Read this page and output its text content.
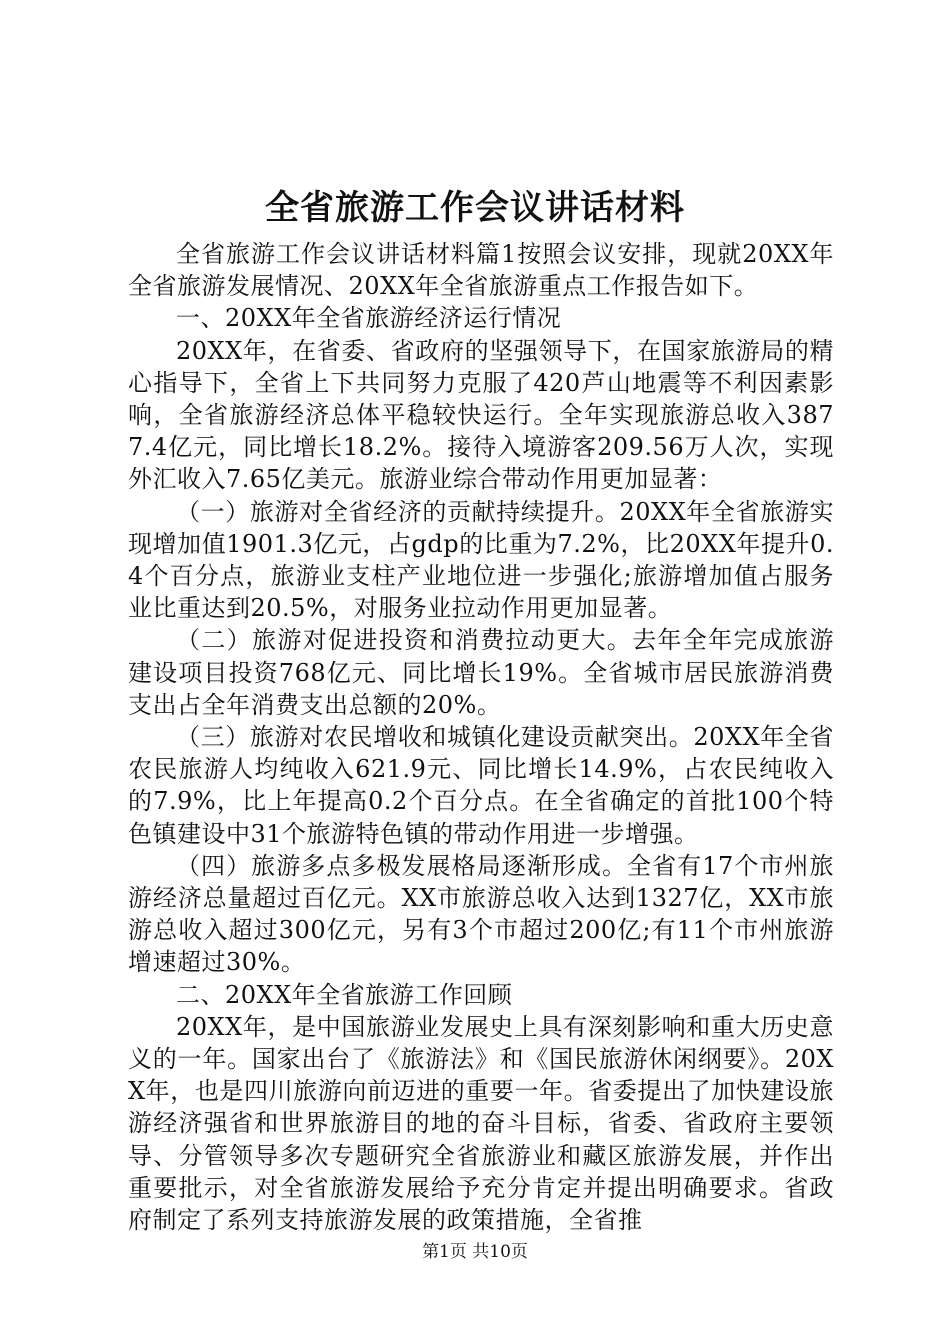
全省旅游工作会议讲话材料

全省旅游工作会议讲话材料篇1按照会议安排，现就20XX年全省旅游发展情况、20XX年全省旅游重点工作报告如下。

一、20XX年全省旅游经济运行情况

20XX年，在省委、省政府的坚强领导下，在国家旅游局的精心指导下，全省上下共同努力克服了420芦山地震等不利因素影响，全省旅游经济总体平稳较快运行。全年实现旅游总收入3877.4亿元，同比增长18.2%。接待入境游客209.56万人次，实现外汇收入7.65亿美元。旅游业综合带动作用更加显著：

（一）旅游对全省经济的贡献持续提升。20XX年全省旅游实现增加值1901.3亿元，占gdp的比重为7.2%，比20XX年提升0.4个百分点，旅游业支柱产业地位进一步强化;旅游增加值占服务业比重达到20.5%，对服务业拉动作用更加显著。

（二）旅游对促进投资和消费拉动更大。去年全年完成旅游建设项目投资768亿元、同比增长19%。全省城市居民旅游消费支出占全年消费支出总额的20%。

（三）旅游对农民增收和城镇化建设贡献突出。20XX年全省农民旅游人均纯收入621.9元、同比增长14.9%，占农民纯收入的7.9%，比上年提高0.2个百分点。在全省确定的首批100个特色镇建设中31个旅游特色镇的带动作用进一步增强。

（四）旅游多点多极发展格局逐渐形成。全省有17个市州旅游经济总量超过百亿元。XX市旅游总收入达到1327亿，XX市旅游总收入超过300亿元，另有3个市超过200亿;有11个市州旅游增速超过30%。

二、20XX年全省旅游工作回顾

20XX年，是中国旅游业发展史上具有深刻影响和重大历史意义的一年。国家出台了《旅游法》和《国民旅游休闲纲要》。20XX年，也是四川旅游向前迈进的重要一年。省委提出了加快建设旅游经济强省和世界旅游目的地的奋斗目标，省委、省政府主要领导、分管领导多次专题研究全省旅游业和藏区旅游发展，并作出重要批示，对全省旅游发展给予充分肯定并提出明确要求。省政府制定了系列支持旅游发展的政策措施，全省推

第1页 共10页
